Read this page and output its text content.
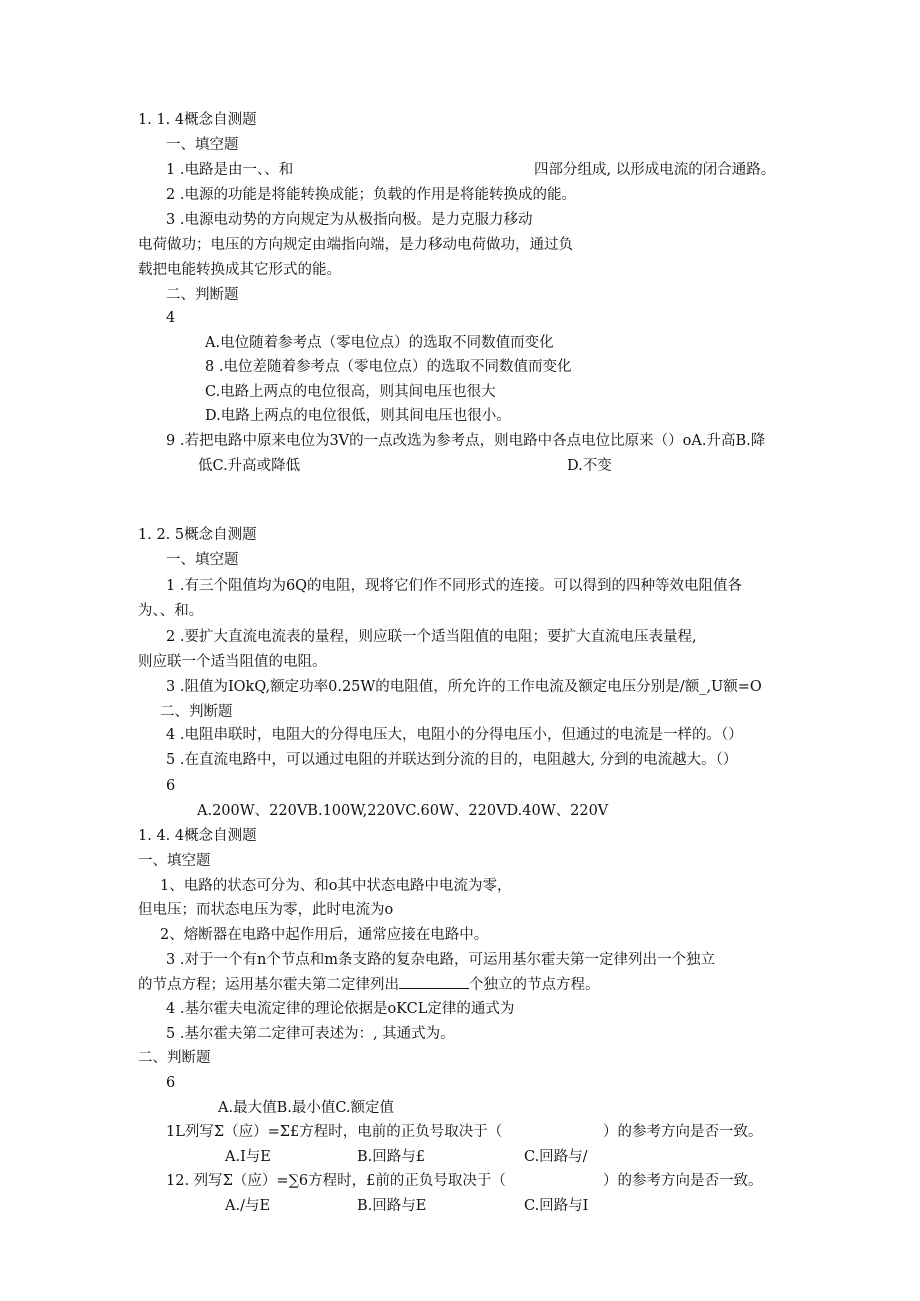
1. 1. 4概念自测题
一、填空题
1 .电路是由一、、和	四部分组成, 以形成电流的闭合通路。
2 .电源的功能是将能转换成能；负载的作用是将能转换成的能。
3 .电源电动势的方向规定为从极指向极。是力克服力移动
电荷做功；电压的方向规定由端指向端，是力移动电荷做功，通过负
载把电能转换成其它形式的能。
二、判断题
4
A.电位随着参考点（零电位点）的选取不同数值而变化
8 .电位差随着参考点（零电位点）的选取不同数值而变化
C.电路上两点的电位很高，则其间电压也很大
D.电路上两点的电位很低，则其间电压也很小。
9 .若把电路中原来电位为3V的一点改选为参考点，则电路中各点电位比原来（）oA.升高B.降
低C.升高或降低	D.不变
1. 2. 5概念自测题
一、填空题
1 .有三个阻值均为6Q的电阻，现将它们作不同形式的连接。可以得到的四种等效电阻值各
为、、和。
2 .要扩大直流电流表的量程，则应联一个适当阻值的电阻；要扩大直流电压表量程,
则应联一个适当阻值的电阻。
3 .阻值为IOkQ,额定功率0.25W的电阻值，所允许的工作电流及额定电压分别是/额_,U额=O
二、判断题
4 .电阻串联时，电阻大的分得电压大，电阻小的分得电压小，但通过的电流是一样的。（）
5 .在直流电路中，可以通过电阻的并联达到分流的目的，电阻越大, 分到的电流越大。（）
6
A.200W、220VB.100W,220VC.60W、220VD.40W、220V
1. 4. 4概念自测题
一、填空题
1、电路的状态可分为、和o其中状态电路中电流为零，
但电压；而状态电压为零，此时电流为o
2、熔断器在电路中起作用后，通常应接在电路中。
3 .对于一个有n个节点和m条支路的复杂电路，可运用基尔霍夫第一定律列出一个独立
的节点方程；运用基尔霍夫第二定律列出	个独立的节点方程。
4 .基尔霍夫电流定律的理论依据是oKCL定律的通式为
5 .基尔霍夫第二定律可表述为：, 其通式为。
二、判断题
6
A.最大值B.最小值C.额定值
1L列写Σ（应）=Σ£方程时，电前的正负号取决于（	）的参考方向是否一致。
A.I与E	B.回路与£	C.回路与/
12. 列写Σ（应）=∑6方程时，£前的正负号取决于（	）的参考方向是否一致。
A./与E	B.回路与E	C.回路与I
